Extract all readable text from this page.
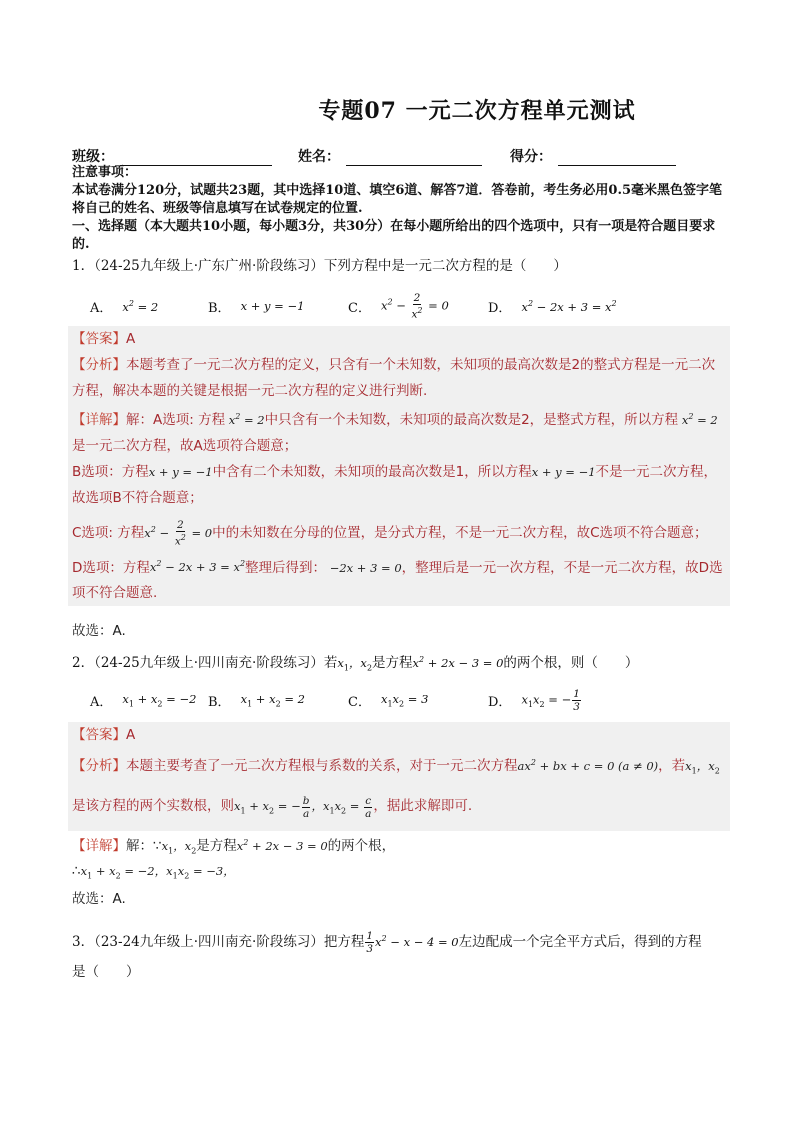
专题07 一元二次方程单元测试
班级：	姓名：	得分：
注意事项：
本试卷满分120分，试题共23题，其中选择10道、填空6道、解答7道．答卷前，考生务必用0.5毫米黑色签字笔将自己的姓名、班级等信息填写在试卷规定的位置.
一、选择题（本大题共10小题，每小题3分，共30分）在每小题所给出的四个选项中，只有一项是符合题目要求的.
1．（24-25九年级上·广东广州·阶段练习）下列方程中是一元二次方程的是（　　）
A． $x^2 = 2$	B． x + y = −1	C． $x^2 - \frac{2}{x^2} = 0$	D． $x^2 - 2x + 3 = x^2$
【答案】A
【分析】本题考查了一元二次方程的定义，只含有一个未知数，未知项的最高次数是2的整式方程是一元二次方程，解决本题的关键是根据一元二次方程的定义进行判断.
【详解】解：A选项: 方程 $x^2 = 2$中只含有一个未知数，未知项的最高次数是2，是整式方程，所以方程 $x^2 = 2$
是一元二次方程，故A选项符合题意；
B选项：方程x + y = −1中含有二个未知数，未知项的最高次数是1，所以方程x + y = −1不是一元二次方程，
故选项B不符合题意；
C选项: 方程$x^2 - \frac{2}{x^2} = 0$中的未知数在分母的位置，是分式方程，不是一元二次方程，故C选项不符合题意；
D选项：方程$x^2 - 2x + 3 = x^2$整理后得到： −2x + 3 = 0，整理后是一元一次方程，不是一元二次方程，故D选
项不符合题意.
故选：A.
2．（24-25九年级上·四川南充·阶段练习）若$x_1$，$x_2$是方程$x^2 + 2x - 3 = 0$的两个根，则（　　）
A． $x_1 + x_2 = -2$ B． $x_1 + x_2 = 2$	C． $x_1x_2 = 3$	D． $x_1x_2$ = − $\frac{1}{3}$
【答案】A
【分析】本题主要考查了一元二次方程根与系数的关系，对于一元二次方程$ax^2$ + bx + c = 0 (a ≠ 0)，若$x_1$，$x_2$
是该方程的两个实数根，则$x_1 + x_2$ = − $\frac{b}{a}$ ，$x_1x_2 = \frac{c}{a}$ ，据此求解即可.
【详解】解：$\because x_1$，$x_2$是方程$x^2 + 2x - 3 = 0$的两个根，
$\therefore x_1 + x_2 = -2$，$x_1x_2 = -3$，
故选：A.
3．（23-24九年级上·四川南充·阶段练习）把方程 $\frac{1}{3} x^2 - x - 4 = 0$左边配成一个完全平方式后，得到的方程
是（　　）
